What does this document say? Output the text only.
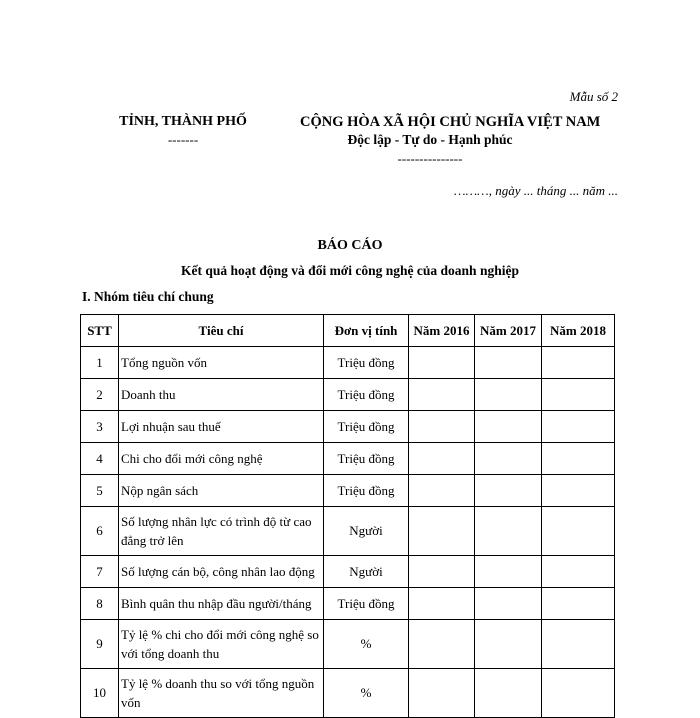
Mẫu số 2
TỈNH, THÀNH PHỐ
-------
CỘNG HÒA XÃ HỘI CHỦ NGHĨA VIỆT NAM
Độc lập - Tự do - Hạnh phúc
---------------
………, ngày ... tháng ... năm ...
BÁO CÁO
Kết quả hoạt động và đổi mới công nghệ của doanh nghiệp
I. Nhóm tiêu chí chung
STT	Tiêu chí	Đơn vị tính	Năm 2016	Năm 2017	Năm 2018
1	Tổng nguồn vốn	Triệu đồng			
2	Doanh thu	Triệu đồng			
3	Lợi nhuận sau thuế	Triệu đồng			
4	Chi cho đổi mới công nghệ	Triệu đồng			
5	Nộp ngân sách	Triệu đồng			
6	Số lượng nhân lực có trình độ từ cao đẳng trở lên	Người			
7	Số lượng cán bộ, công nhân lao động	Người			
8	Bình quân thu nhập đầu người/tháng	Triệu đồng			
9	Tỷ lệ % chi cho đổi mới công nghệ so với tổng doanh thu	%			
10	Tỷ lệ % doanh thu so với tổng nguồn vốn	%			
